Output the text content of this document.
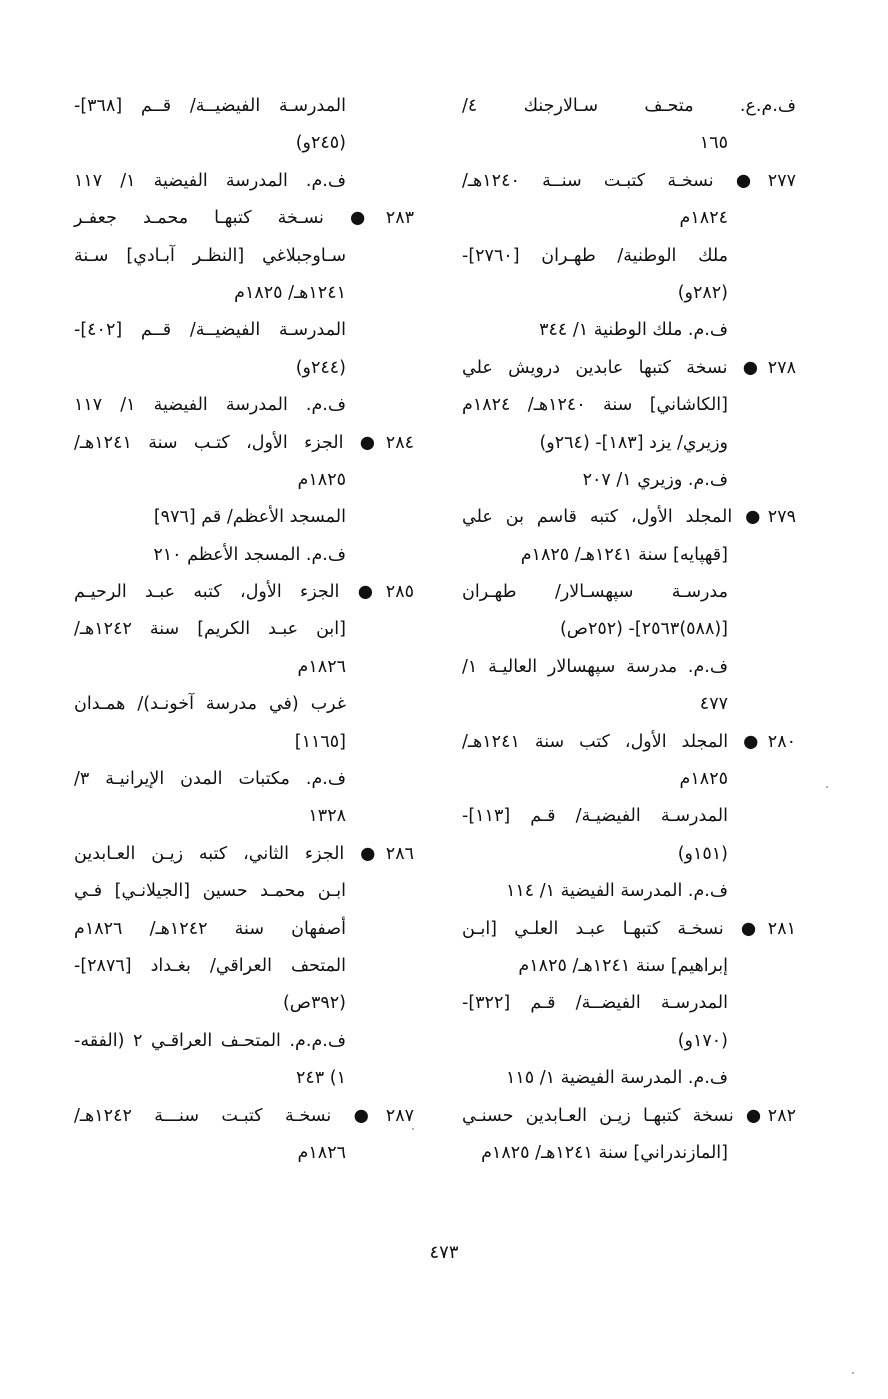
ف.م.ع. متحـف سـالارجنك ٤/
١٦٥
٢٧٧● نسخـة كتبـت سنــة ١٢٤٠هـ/
١٨٢٤م
ملك الوطنية/ طهـران [٢٧٦٠]-
(٢٨٢و)
ف.م. ملك الوطنية ١/ ٣٤٤
٢٧٨● نسخة كتبها عابدين درويش علي
[الكاشاني] سنة ١٢٤٠هـ/ ١٨٢٤م
وزيري/ يزد [١٨٣]- (٢٦٤و)
ف.م. وزيري ١/ ٢٠٧
٢٧٩● المجلد الأول، كتبه قاسم بن علي
[قهپايه] سنة ١٢٤١هـ/ ١٨٢٥م
مدرسـة سپهسـالار/ طهـران
[(٥٨٨)٢٥٦٣]- (٢٥٢ص)
ف.م. مدرسة سپهسالار العاليـة ١/
٤٧٧
٢٨٠● المجلد الأول، كتب سنة ١٢٤١هـ/
١٨٢٥م
المدرسـة الفيضيـة/ قـم [١١٣]-
(١٥١و)
ف.م. المدرسة الفيضية ١/ ١١٤
٢٨١● نسخـة كتبهـا عبـد العلـي [ابـن
إبراهيم] سنة ١٢٤١هـ/ ١٨٢٥م
المدرسـة الفيضــة/ قـم [٣٢٢]-
(١٧٠و)
ف.م. المدرسة الفيضية ١/ ١١٥
٢٨٢● نسخة كتبهـا زيـن العـابدين حسنـي
[المازندراني] سنة ١٢٤١هـ/ ١٨٢٥م
المدرسـة الفيضيــة/ قــم [٣٦٨]-
(٢٤٥و)
ف.م. المدرسة الفيضية ١/ ١١٧
٢٨٣● نسـخة كتبهـا محمـد جعفـر
سـاوجبلاغي [النظـر آبـادي] سـنة
١٢٤١هـ/ ١٨٢٥م
المدرسـة الفيضيــة/ قــم [٤٠٢]-
(٢٤٤و)
ف.م. المدرسة الفيضية ١/ ١١٧
٢٨٤● الجزء الأول، كتـب سنة ١٢٤١هـ/
١٨٢٥م
المسجد الأعظم/ قم [٩٧٦]
ف.م. المسجد الأعظم ٢١٠
٢٨٥● الجزء الأول، كتبه عبـد الرحيـم
[ابن عبـد الكريم] سنة ١٢٤٢هـ/
١٨٢٦م
غرب (في مدرسة آخونـد)/ همـدان
[١١٦٥]
ف.م. مكتبات المدن الإيرانيـة ٣/
١٣٢٨
٢٨٦● الجزء الثاني، كتبه زيـن العـابدين
ابـن محمـد حسين [الجيلانـي] فـي
أصفهان سنة ١٢٤٢هـ/ ١٨٢٦م
المتحف العراقي/ بغـداد [٢٨٧٦]-
(٣٩٢ص)
ف.م.م. المتحـف العراقـي ٢ (الفقه-
١) ٢٤٣
٢٨٧● نسخـة كتبـت سنـــة ١٢٤٢هـ/
١٨٢٦م
٤٧٣
